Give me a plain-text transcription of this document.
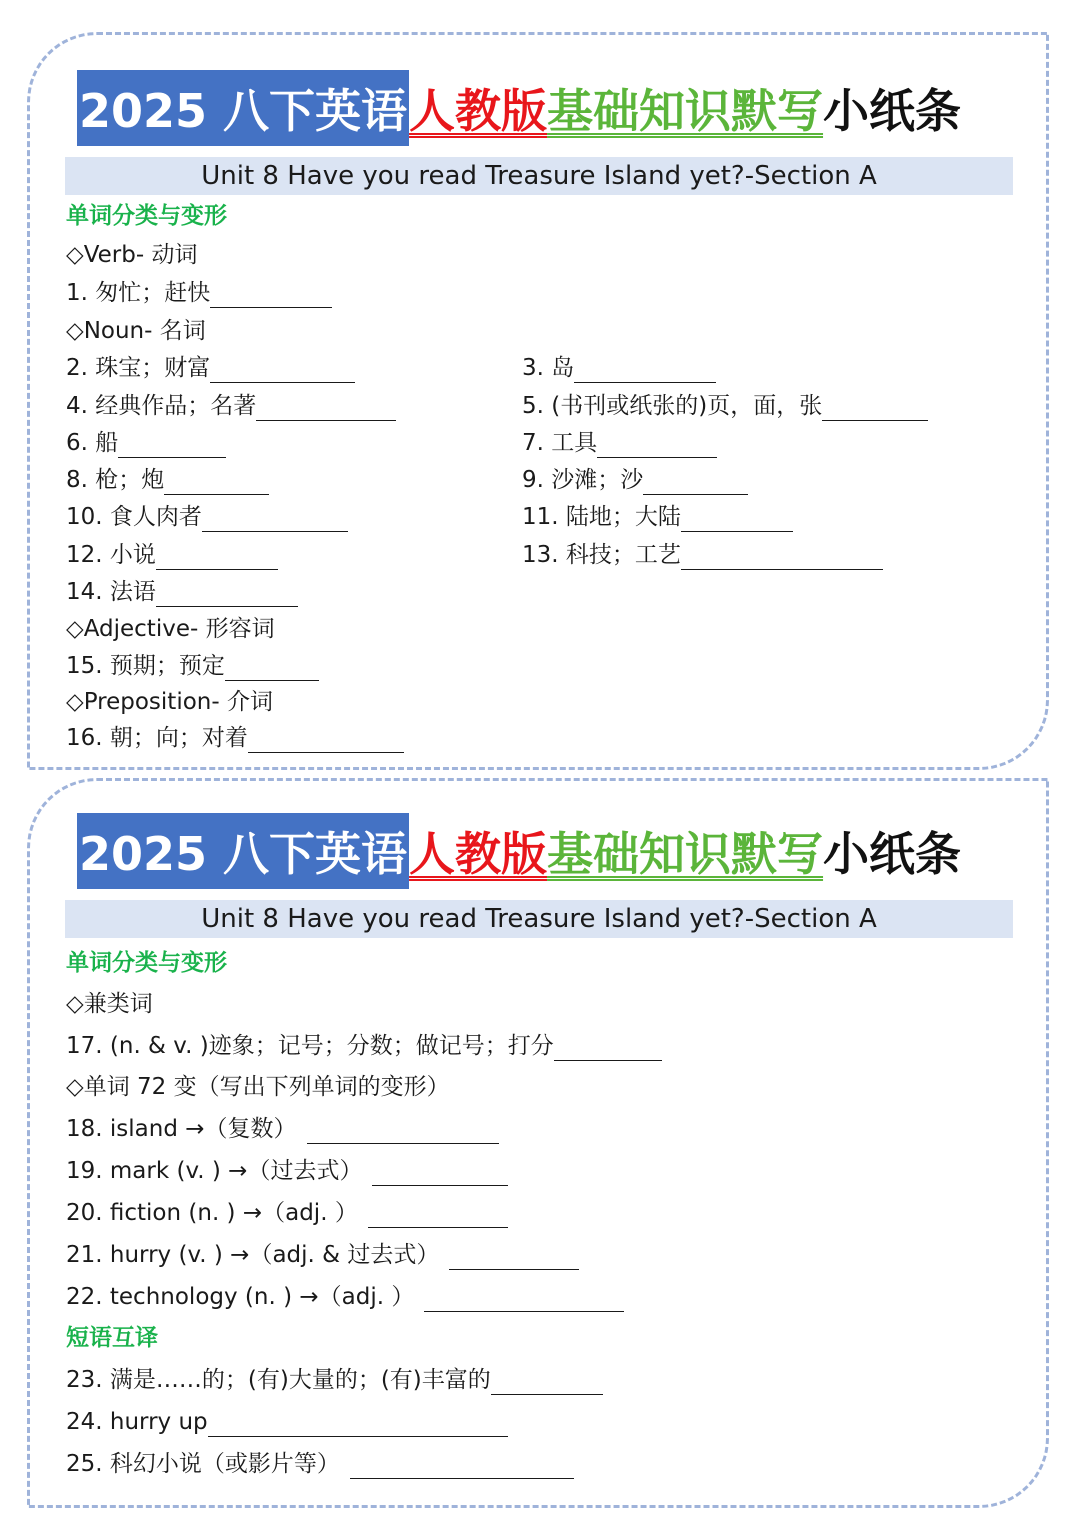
2025 八下英语 人教版 基础知识默写 小纸条
Unit 8 Have you read Treasure Island yet?-Section A
单词分类与变形
◇Verb- 动词
1. 匆忙；赶快
◇Noun- 名词
2. 珠宝；财富	3. 岛
4. 经典作品；名著	5. (书刊或纸张的)页，面，张
6. 船	7. 工具
8. 枪；炮	9. 沙滩；沙
10. 食人肉者	11. 陆地；大陆
12. 小说	13. 科技；工艺
14. 法语
◇Adjective- 形容词
15. 预期；预定
◇Preposition- 介词
16. 朝；向；对着
2025 八下英语 人教版 基础知识默写 小纸条
Unit 8 Have you read Treasure Island yet?-Section A
单词分类与变形
◇兼类词
17. (n. & v. )迹象；记号；分数；做记号；打分
◇单词 72 变（写出下列单词的变形）
18. island →（复数）
19. mark (v. ) →（过去式）
20. fiction (n. ) →（adj. ）
21. hurry (v. ) →（adj. & 过去式）
22. technology (n. ) →（adj. ）
短语互译
23. 满是……的；(有)大量的；(有)丰富的
24. hurry up
25. 科幻小说（或影片等）
